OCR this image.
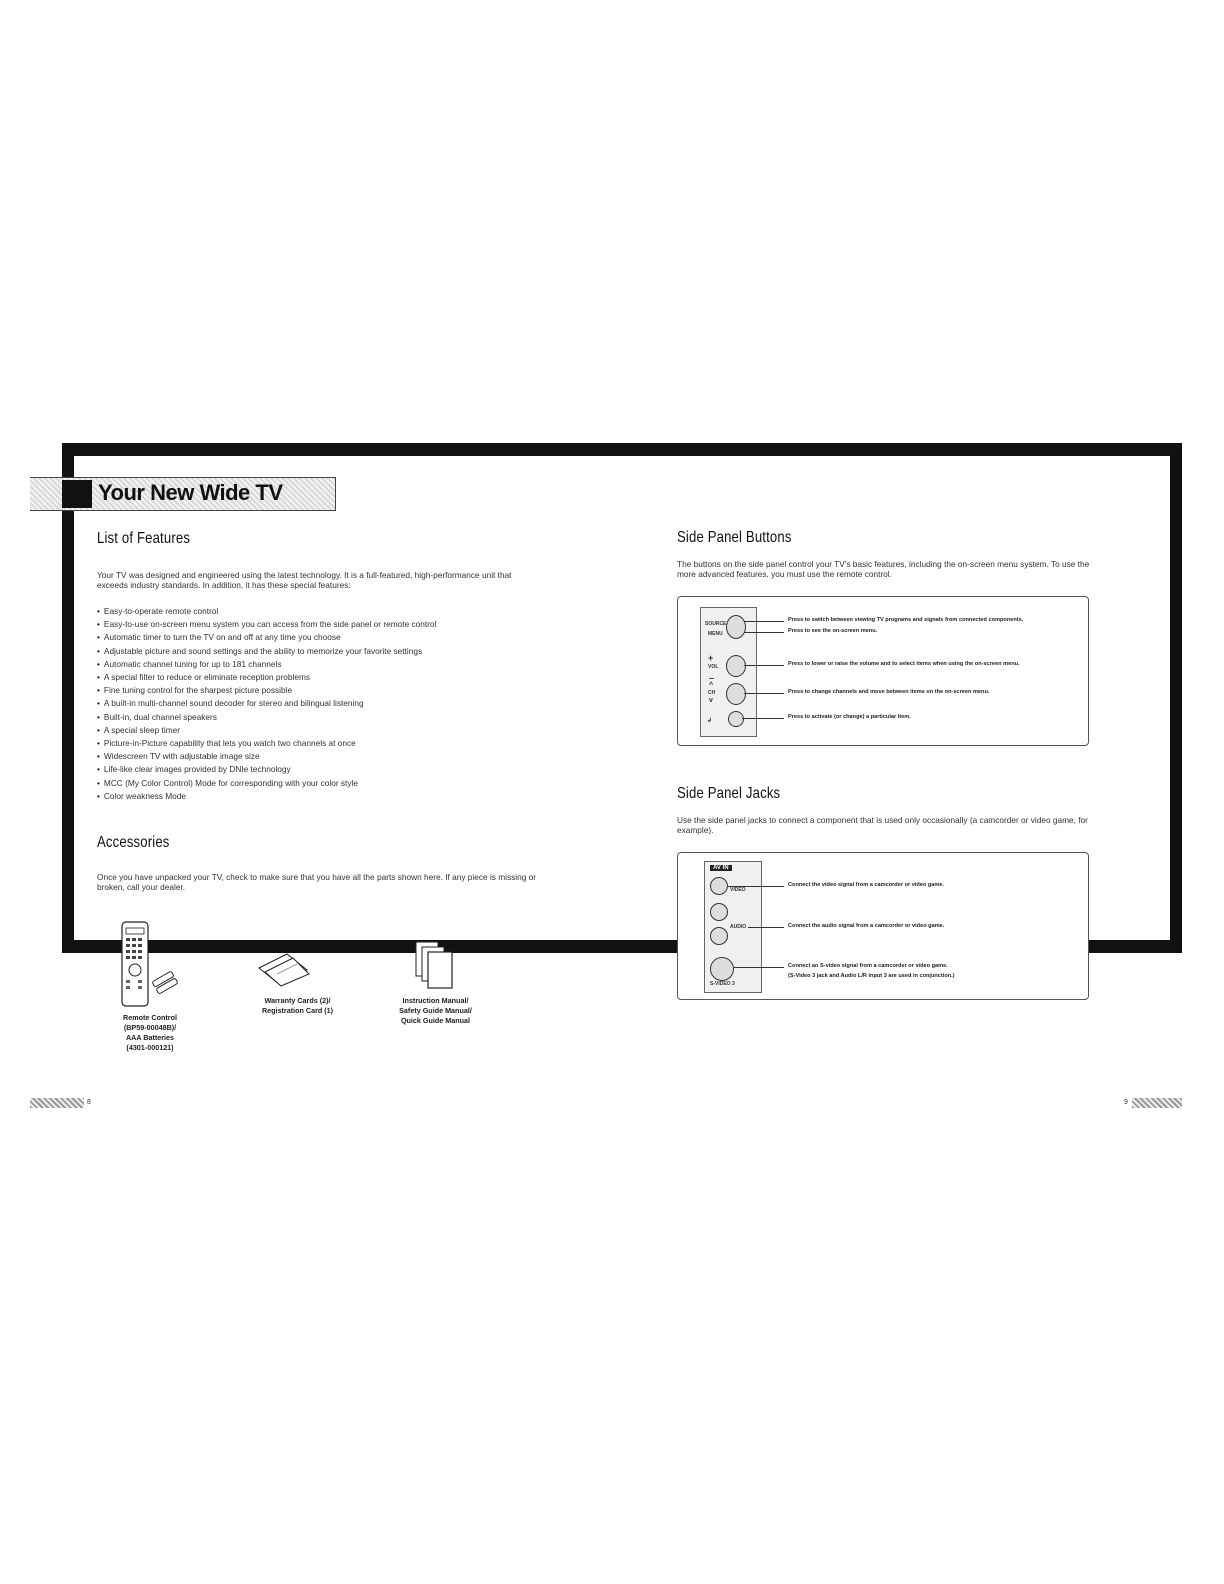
Your New Wide TV
List of Features
Your TV was designed and engineered using the latest technology. It is a full-featured, high-performance unit that exceeds industry standards. In addition, it has these special features:
• Easy-to-operate remote control
• Easy-to-use on-screen menu system you can access from the side panel or remote control
• Automatic timer to turn the TV on and off at any time you choose
• Adjustable picture and sound settings and the ability to memorize your favorite settings
• Automatic channel tuning for up to 181 channels
• A special filter to reduce or eliminate reception problems
• Fine tuning control for the sharpest picture possible
• A built-in multi-channel sound decoder for stereo and bilingual listening
• Built-in, dual channel speakers
• A special sleep timer
• Picture-in-Picture capability that lets you watch two channels at once
• Widescreen TV with adjustable image size
• Life-like clear images provided by DNIe technology
• MCC (My Color Control) Mode for corresponding with your color style
• Color weakness Mode
Accessories
Once you have unpacked your TV, check to make sure that you have all the parts shown here. If any piece is missing or broken, call your dealer.
Remote Control
(BP59-00048B)/
AAA Batteries
(4301-000121)
Warranty Cards (2)/
Registration Card (1)
Instruction Manual/
Safety Guide Manual/
Quick Guide Manual
Side Panel Buttons
The buttons on the side panel control your TV's basic features, including the on-screen menu system. To use the more advanced features, you must use the remote control.
SOURCE
MENU
+
VOL
–
^
CH
v
↲
Press to switch between viewing TV programs and signals from connected components.
Press to see the on-screen menu.
Press to lower or raise the volume and to select items when using the on-screen menu.
Press to change channels and move between items on the on-screen menu.
Press to activate (or change) a particular item.
Side Panel Jacks
Use the side panel jacks to connect a component that is used only occasionally (a camcorder or video game, for example).
AV IN
VIDEO
AUDIO
S-VIDEO 3
Connect the video signal from a camcorder or video game.
Connect the audio signal from a camcorder or video game.
Connect an S-video signal from a camcorder or video game.
(S-Video 3 jack and Audio L/R input 3 are used in conjunction.)
8	9
